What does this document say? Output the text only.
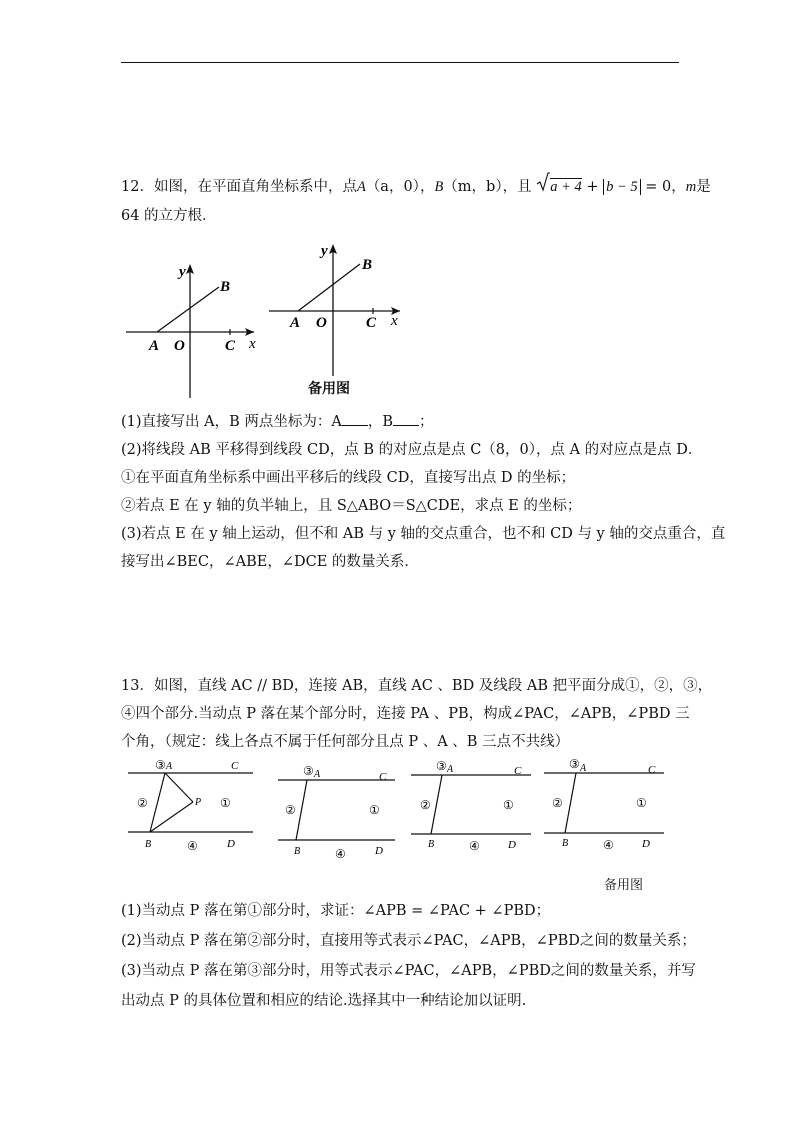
12．如图，在平面直角坐标系中，点A（a，0），B（m，b），且 a + 4 + b − 5 = 0，m是
64 的立方根．
y
B
A O	C x
y
B
A O	C x
备用图
(1)直接写出 A，B 两点坐标为：A ，B ；
(2)将线段 AB 平移得到线段 CD，点 B 的对应点是点 C（8，0），点 A 的对应点是点 D．
①在平面直角坐标系中画出平移后的线段 CD，直接写出点 D 的坐标；
②若点 E 在 y 轴的负半轴上，且 S△ABO＝S△CDE，求点 E 的坐标；
(3)若点 E 在 y 轴上运动，但不和 AB 与 y 轴的交点重合，也不和 CD 与 y 轴的交点重合，直
接写出∠BEC，∠ABE，∠DCE 的数量关系．
13．如图，直线 AC // BD，连接 AB，直线 AC 、BD 及线段 AB 把平面分成①，②，③，
④四个部分.当动点 P 落在某个部分时，连接 PA 、PB，构成∠PAC，∠APB，∠PBD 三
个角，（规定：线上各点不属于任何部分且点 P 、A 、B 三点不共线）
③ A	C
②	P ①
B	④	D
③ A	C
②	①
B	④	D
③ A	C
②	①
B	④	D
③ A	C
②	①
B	④	D
备用图
(1)当动点 P 落在第①部分时，求证：∠APB = ∠PAC + ∠PBD；
(2)当动点 P 落在第②部分时，直接用等式表示∠PAC，∠APB，∠PBD之间的数量关系；
(3)当动点 P 落在第③部分时，用等式表示∠PAC，∠APB，∠PBD之间的数量关系，并写
出动点 P 的具体位置和相应的结论.选择其中一种结论加以证明.
